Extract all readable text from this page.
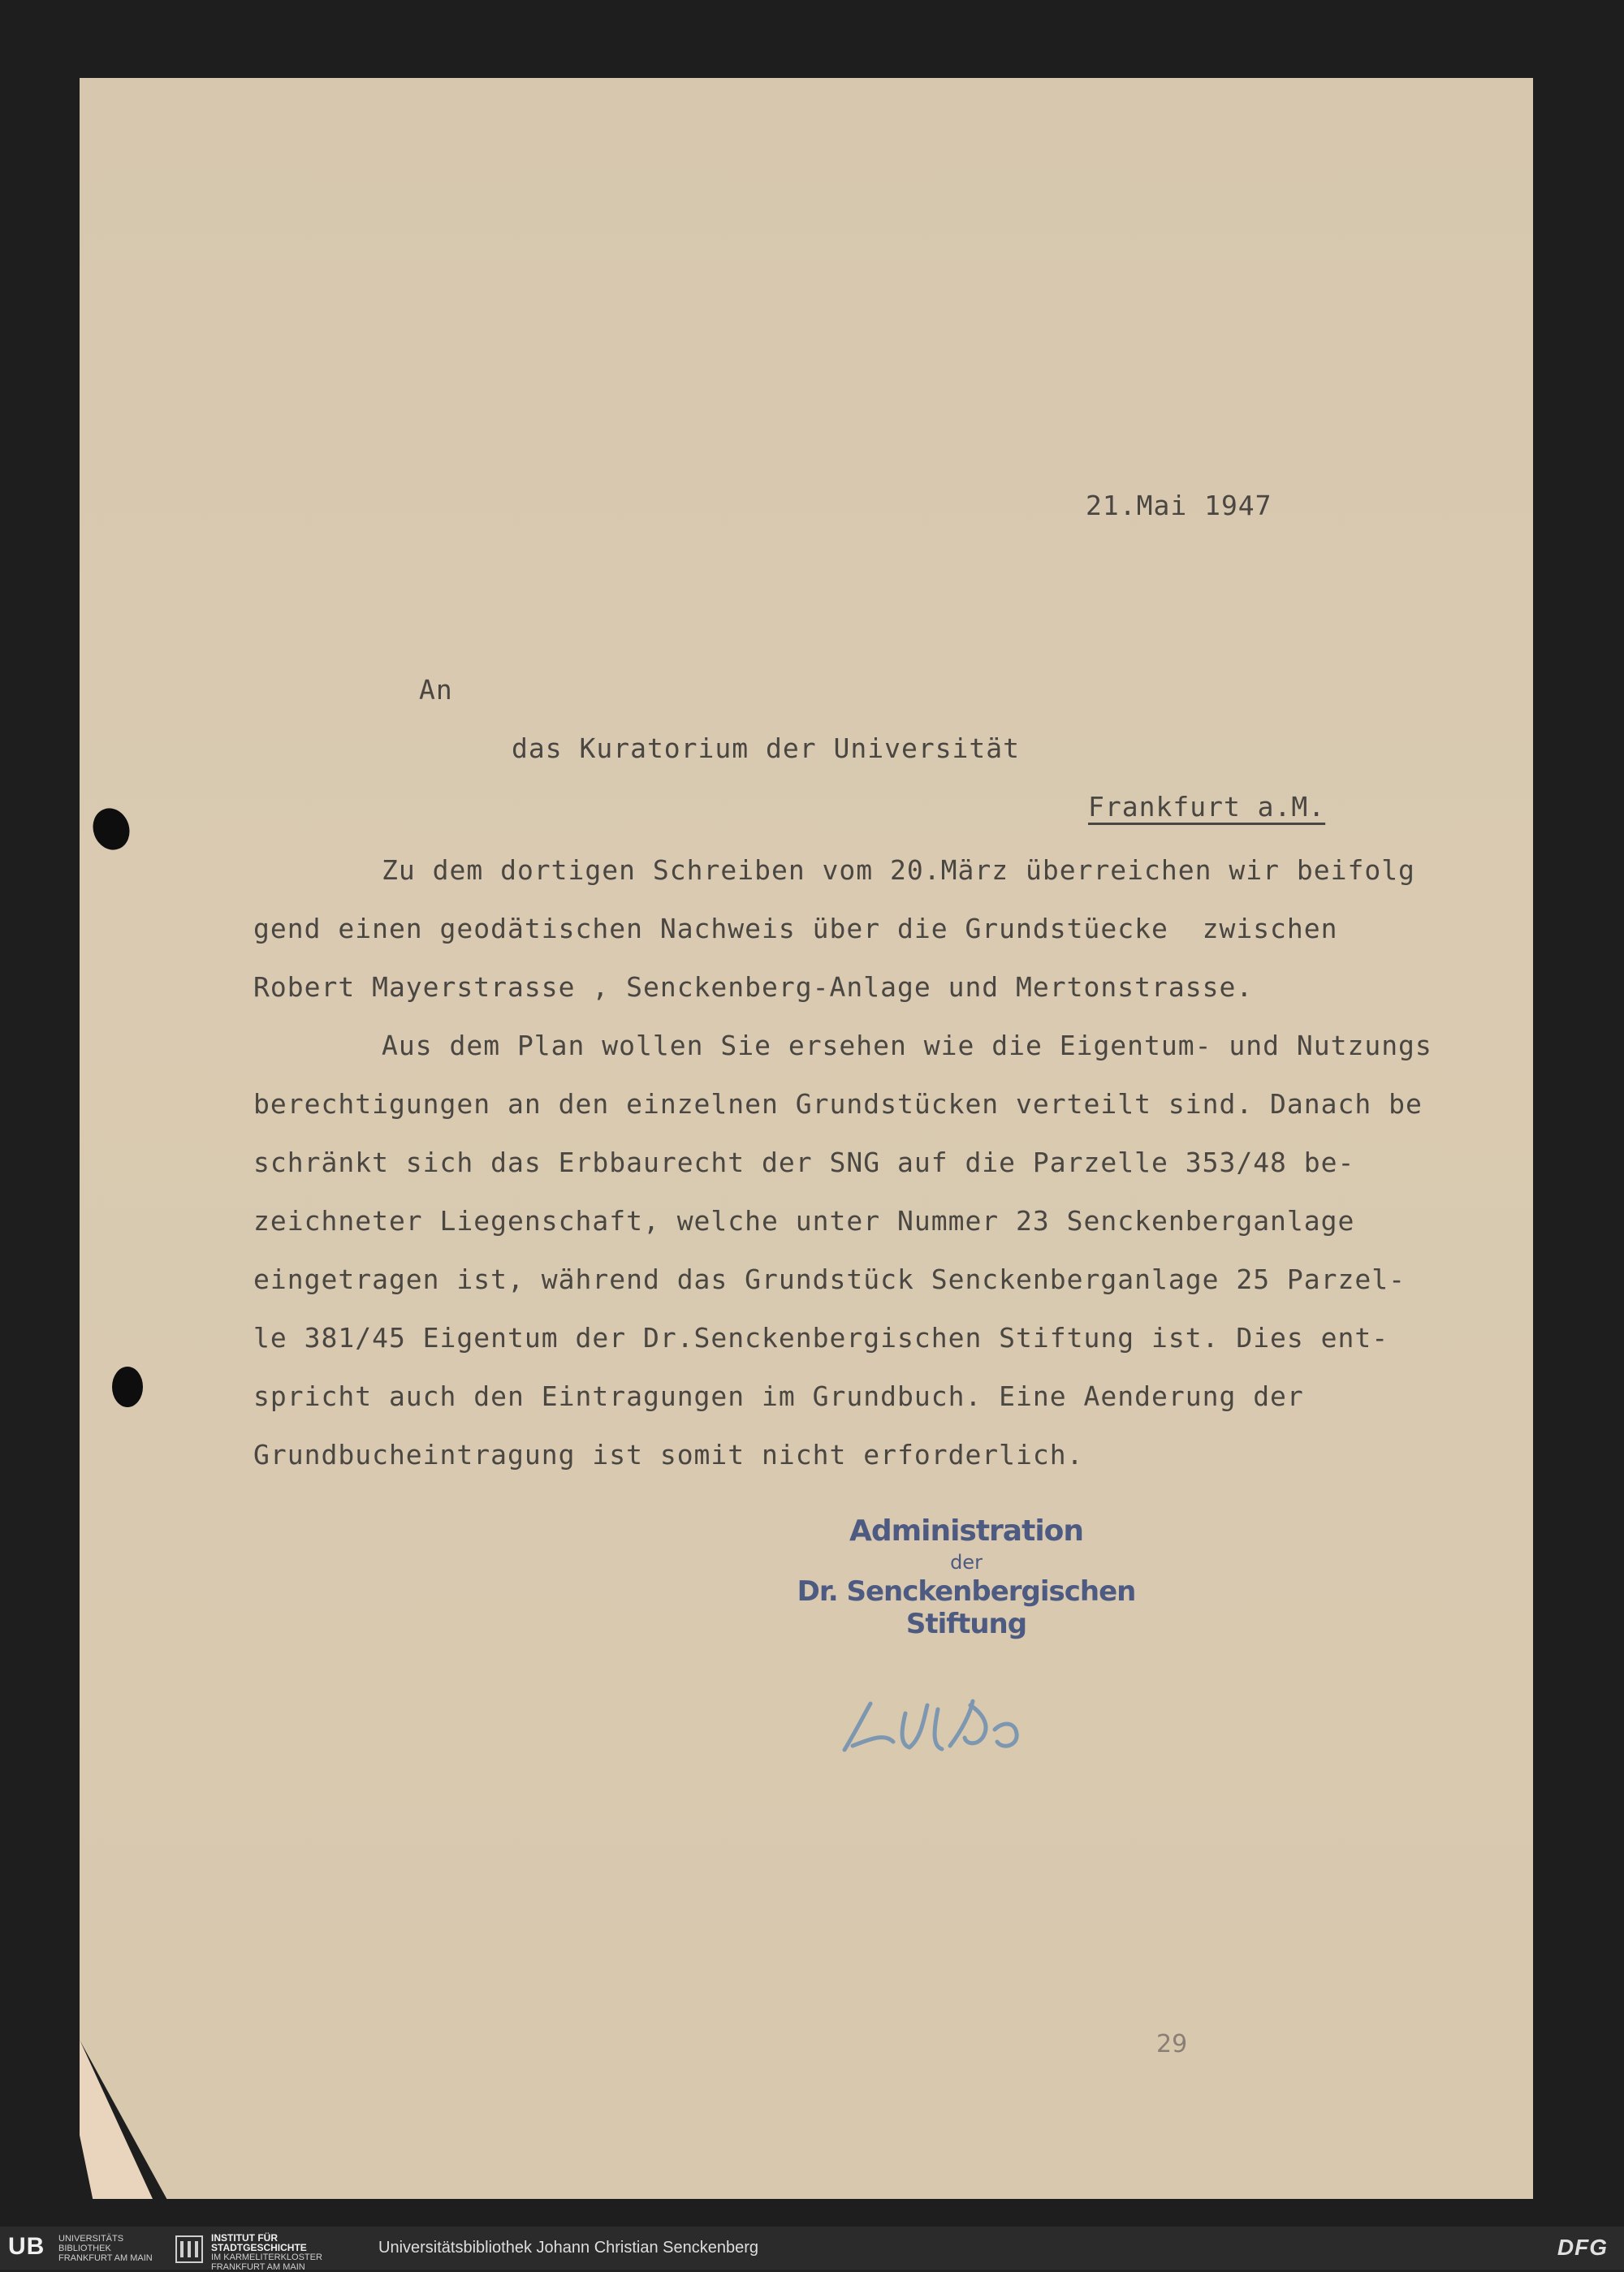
21.Mai 1947
An
das Kuratorium der Universität
Frankfurt a.M.
Zu dem dortigen Schreiben vom 20.März überreichen wir beifolg
gend einen geodätischen Nachweis über die Grundstüecke  zwischen
Robert Mayerstrasse , Senckenberg-Anlage und Mertonstrasse.
Aus dem Plan wollen Sie ersehen wie die Eigentum- und Nutzungs
berechtigungen an den einzelnen Grundstücken verteilt sind. Danach be
schränkt sich das Erbbaurecht der SNG auf die Parzelle 353/48 be-
zeichneter Liegenschaft, welche unter Nummer 23 Senckenberganlage
eingetragen ist, während das Grundstück Senckenberganlage 25 Parzel-
le 381/45 Eigentum der Dr.Senckenbergischen Stiftung ist. Dies ent-
spricht auch den Eintragungen im Grundbuch. Eine Aenderung der
Grundbucheintragung ist somit nicht erforderlich.
Administration
der
Dr. Senckenbergischen Stiftung
29
UB UNIVERSITÄTS
BIBLIOTHEK
FRANKFURT AM MAIN
INSTITUT FÜR
STADTGESCHICHTE
IM KARMELITERKLOSTER
FRANKFURT AM MAIN
Universitätsbibliothek Johann Christian Senckenberg	DFG
